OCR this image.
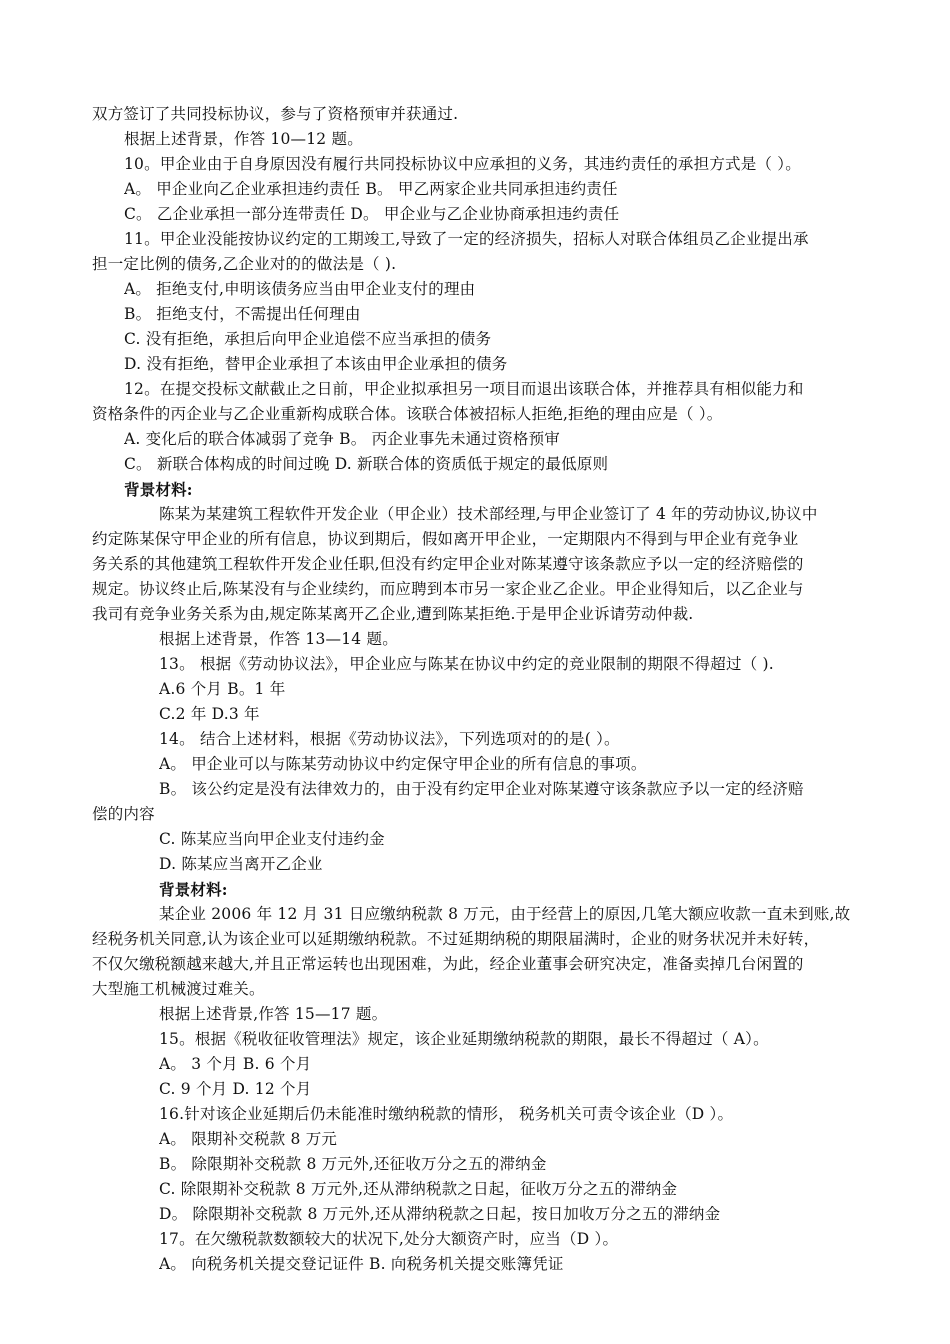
双方签订了共同投标协议，参与了资格预审并获通过.
根据上述背景，作答 10—12 题。
10。甲企业由于自身原因没有履行共同投标协议中应承担的义务，其违约责任的承担方式是（ ）。
A。 甲企业向乙企业承担违约责任 B。 甲乙两家企业共同承担违约责任
C。 乙企业承担一部分连带责任 D。 甲企业与乙企业协商承担违约责任
11。甲企业没能按协议约定的工期竣工,导致了一定的经济损失，招标人对联合体组员乙企业提出承
担一定比例的债务,乙企业对的的做法是（ ).
A。 拒绝支付,申明该债务应当由甲企业支付的理由
B。 拒绝支付，不需提出任何理由
C. 没有拒绝，承担后向甲企业追偿不应当承担的债务
D. 没有拒绝，替甲企业承担了本该由甲企业承担的债务
12。在提交投标文献截止之日前，甲企业拟承担另一项目而退出该联合体，并推荐具有相似能力和
资格条件的丙企业与乙企业重新构成联合体。该联合体被招标人拒绝,拒绝的理由应是（ ）。
A. 变化后的联合体减弱了竞争 B。 丙企业事先未通过资格预审
C。 新联合体构成的时间过晚 D. 新联合体的资质低于规定的最低原则
背景材料:
陈某为某建筑工程软件开发企业（甲企业）技术部经理,与甲企业签订了 4 年的劳动协议,协议中
约定陈某保守甲企业的所有信息，协议到期后，假如离开甲企业，一定期限内不得到与甲企业有竞争业
务关系的其他建筑工程软件开发企业任职,但没有约定甲企业对陈某遵守该条款应予以一定的经济赔偿的
规定。协议终止后,陈某没有与企业续约，而应聘到本市另一家企业乙企业。甲企业得知后，以乙企业与
我司有竞争业务关系为由,规定陈某离开乙企业,遭到陈某拒绝.于是甲企业诉请劳动仲裁.
根据上述背景，作答 13—14 题。
13。 根据《劳动协议法》，甲企业应与陈某在协议中约定的竞业限制的期限不得超过（ ).
A.6 个月 B。1 年
C.2 年 D.3 年
14。 结合上述材料，根据《劳动协议法》，下列选项对的的是( ）。
A。 甲企业可以与陈某劳动协议中约定保守甲企业的所有信息的事项。
B。 该公约定是没有法律效力的，由于没有约定甲企业对陈某遵守该条款应予以一定的经济赔
偿的内容
C. 陈某应当向甲企业支付违约金
D. 陈某应当离开乙企业
背景材料:
某企业 2006 年 12 月 31 日应缴纳税款 8 万元，由于经营上的原因,几笔大额应收款一直未到账,故
经税务机关同意,认为该企业可以延期缴纳税款。不过延期纳税的期限届满时，企业的财务状况并未好转，
不仅欠缴税额越来越大,并且正常运转也出现困难，为此，经企业董事会研究决定，准备卖掉几台闲置的
大型施工机械渡过难关。
根据上述背景,作答 15—17 题。
15。根据《税收征收管理法》规定，该企业延期缴纳税款的期限，最长不得超过（ A）。
A。 3 个月 B. 6 个月
C. 9 个月 D. 12 个月
16.针对该企业延期后仍未能准时缴纳税款的情形， 税务机关可责令该企业（D ）。
A。 限期补交税款 8 万元
B。 除限期补交税款 8 万元外,还征收万分之五的滞纳金
C. 除限期补交税款 8 万元外,还从滞纳税款之日起，征收万分之五的滞纳金
D。 除限期补交税款 8 万元外,还从滞纳税款之日起，按日加收万分之五的滞纳金
17。在欠缴税款数额较大的状况下,处分大额资产时，应当（D ）。
A。 向税务机关提交登记证件 B. 向税务机关提交账簿凭证
